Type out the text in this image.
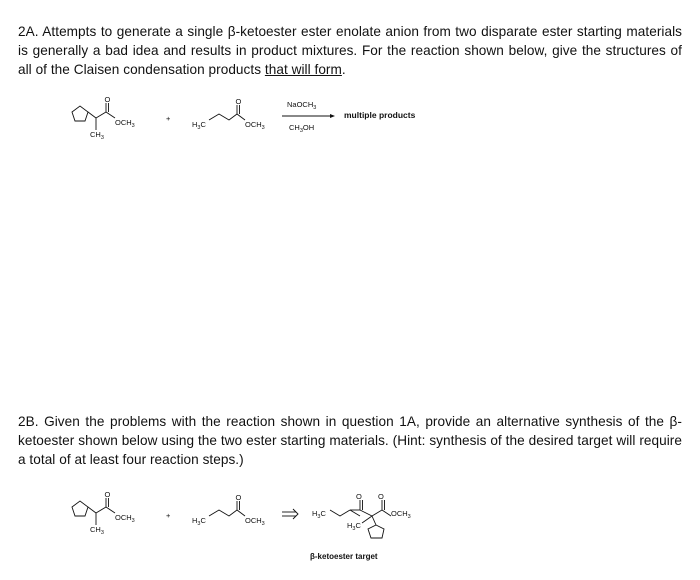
2A. Attempts to generate a single β-ketoester ester enolate anion from two disparate ester starting materials is generally a bad idea and results in product mixtures. For the reaction shown below, give the structures of all of the Claisen condensation products that will form.
O
$OCH_3$
$CH_3$
+
$H_3C$
O
$OCH_3$
NaOCH$_3$
$CH_3OH$
multiple products
2B. Given the problems with the reaction shown in question 1A, provide an alternative synthesis of the β-ketoester shown below using the two ester starting materials. (Hint: synthesis of the desired target will require a total of at least four reaction steps.)
O
$OCH_3$
$CH_3$
+
$H_3C$
O
$OCH_3$
$H_3C$
O O
$OCH_3$
$H_3C$
β-ketoester target
